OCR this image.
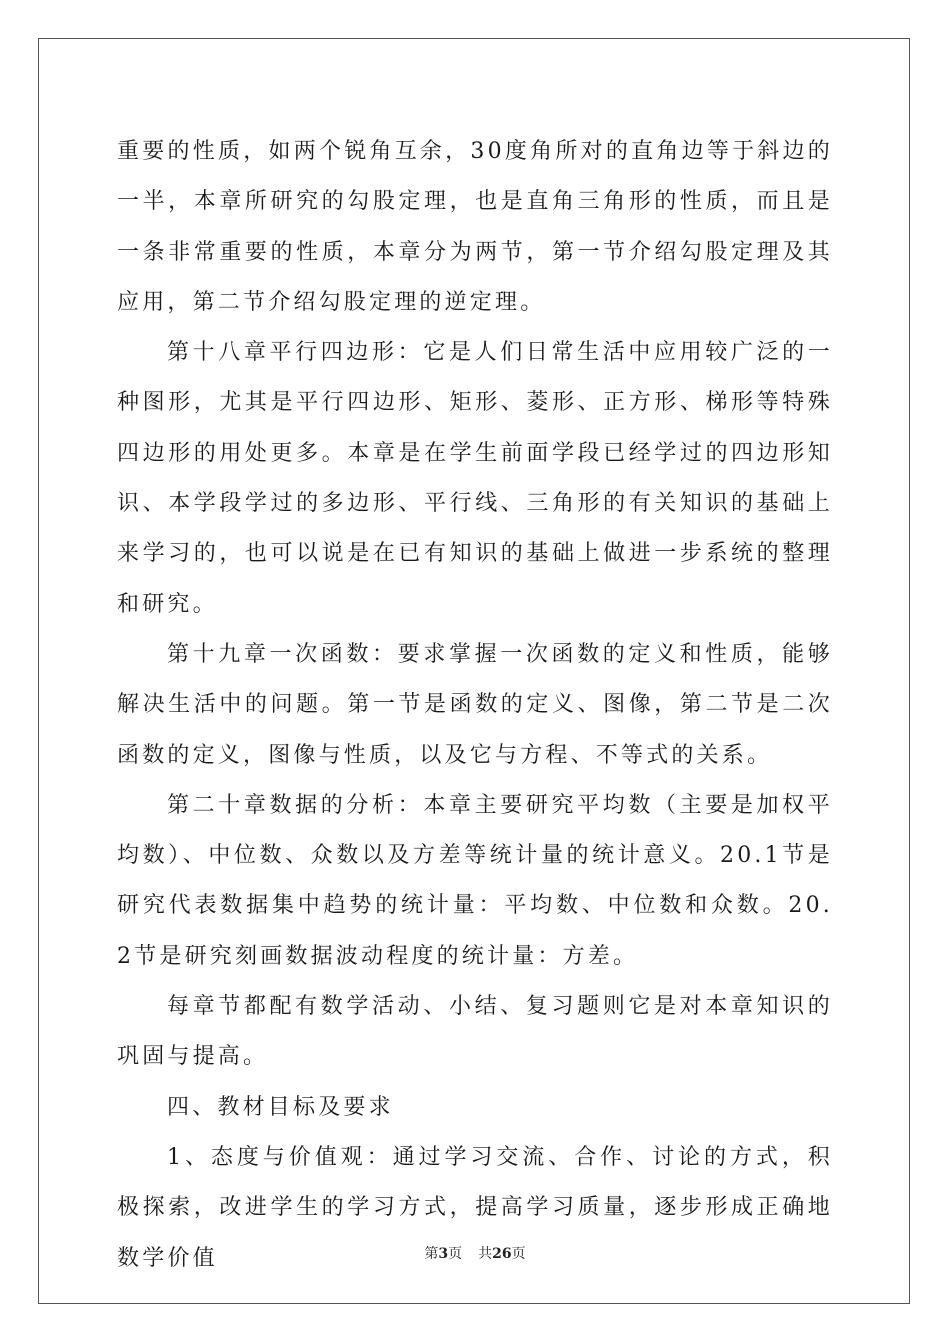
重要的性质，如两个锐角互余，30度角所对的直角边等于斜边的一半，本章所研究的勾股定理，也是直角三角形的性质，而且是一条非常重要的性质，本章分为两节，第一节介绍勾股定理及其应用，第二节介绍勾股定理的逆定理。

第十八章平行四边形：它是人们日常生活中应用较广泛的一种图形，尤其是平行四边形、矩形、菱形、正方形、梯形等特殊四边形的用处更多。本章是在学生前面学段已经学过的四边形知识、本学段学过的多边形、平行线、三角形的有关知识的基础上来学习的，也可以说是在已有知识的基础上做进一步系统的整理和研究。

第十九章一次函数：要求掌握一次函数的定义和性质，能够解决生活中的问题。第一节是函数的定义、图像，第二节是二次函数的定义，图像与性质，以及它与方程、不等式的关系。

第二十章数据的分析：本章主要研究平均数（主要是加权平均数）、中位数、众数以及方差等统计量的统计意义。20.1节是研究代表数据集中趋势的统计量：平均数、中位数和众数。20.2节是研究刻画数据波动程度的统计量：方差。

每章节都配有数学活动、小结、复习题则它是对本章知识的巩固与提高。

四、教材目标及要求

1、态度与价值观：通过学习交流、合作、讨论的方式，积极探索，改进学生的学习方式，提高学习质量，逐步形成正确地数学价值	第3页 共26页
